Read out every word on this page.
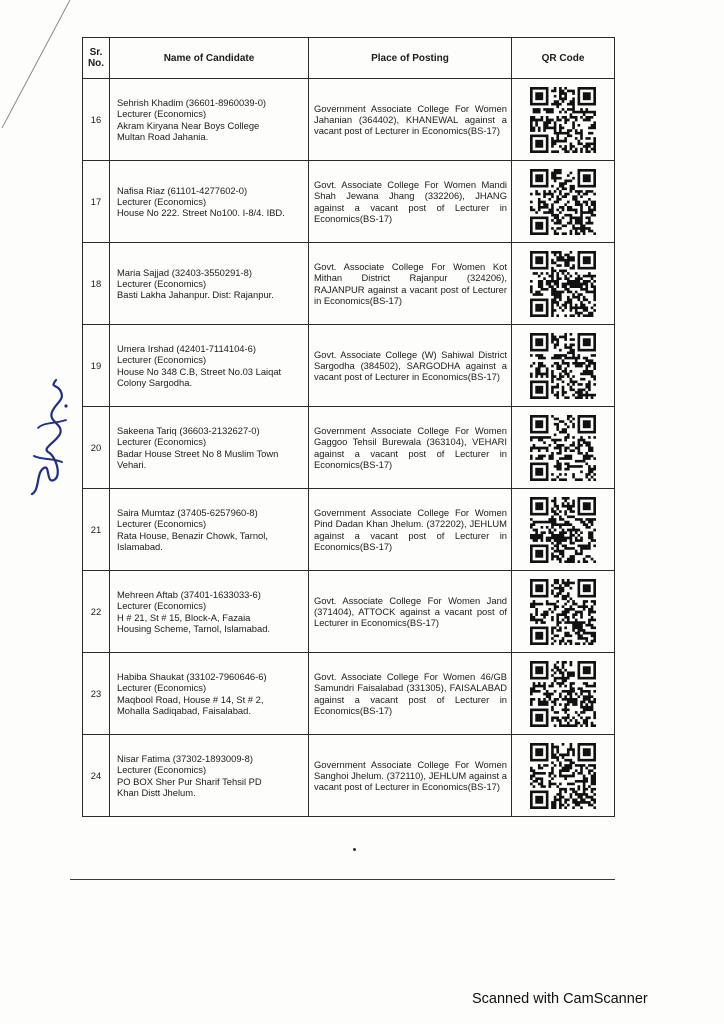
Sr. No.	Name of Candidate	Place of Posting	QR Code
16	Sehrish Khadim (36601-8960039-0)
Lecturer (Economics)
Akram Kiryana Near Boys College
Multan Road Jahania.	Government Associate College For Women Jahanian (364402), KHANEWAL against a vacant post of Lecturer in Economics(BS-17)	
17	Nafisa Riaz (61101-4277602-0)
Lecturer (Economics)
House No 222. Street No100. I-8/4. IBD.	Govt. Associate College For Women Mandi Shah Jewana Jhang (332206), JHANG against a vacant post of Lecturer in Economics(BS-17)	
18	Maria Sajjad (32403-3550291-8)
Lecturer (Economics)
Basti Lakha Jahanpur. Dist: Rajanpur.	Govt. Associate College For Women Kot Mithan District Rajanpur (324206), RAJANPUR against a vacant post of Lecturer in Economics(BS-17)	
19	Umera Irshad (42401-7114104-6)
Lecturer (Economics)
House No 348 C.B, Street No.03 Laiqat
Colony Sargodha.	Govt. Associate College (W) Sahiwal District Sargodha (384502), SARGODHA against a vacant post of Lecturer in Economics(BS-17)	
20	Sakeena Tariq (36603-2132627-0)
Lecturer (Economics)
Badar House Street No 8 Muslim Town
Vehari.	Government Associate College For Women Gaggoo Tehsil Burewala (363104), VEHARI against a vacant post of Lecturer in Economics(BS-17)	
21	Saira Mumtaz (37405-6257960-8)
Lecturer (Economics)
Rata House, Benazir Chowk, Tarnol,
Islamabad.	Government Associate College For Women Pind Dadan Khan Jhelum. (372202), JEHLUM against a vacant post of Lecturer in Economics(BS-17)	
22	Mehreen Aftab (37401-1633033-6)
Lecturer (Economics)
H # 21, St # 15, Block-A, Fazaia
Housing Scheme, Tarnol, Islamabad.	Govt. Associate College For Women Jand (371404), ATTOCK against a vacant post of Lecturer in Economics(BS-17)	
23	Habiba Shaukat (33102-7960646-6)
Lecturer (Economics)
Maqbool Road, House # 14, St # 2,
Mohalla Sadiqabad, Faisalabad.	Govt. Associate College For Women 46/GB Samundri Faisalabad (331305), FAISALABAD against a vacant post of Lecturer in Economics(BS-17)	
24	Nisar Fatima (37302-1893009-8)
Lecturer (Economics)
PO BOX Sher Pur Sharif Tehsil PD
Khan Distt Jhelum.	Government Associate College For Women Sanghoi Jhelum. (372110), JEHLUM against a vacant post of Lecturer in Economics(BS-17)	
Scanned with CamScanner
